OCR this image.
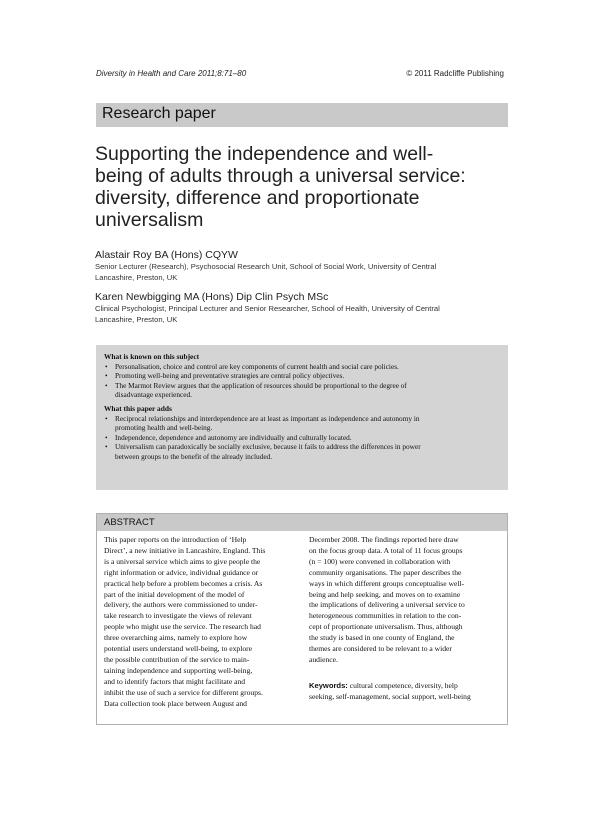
Diversity in Health and Care 2011;8:71–80	© 2011 Radcliffe Publishing
Research paper
Supporting the independence and well-
being of adults through a universal service:
diversity, difference and proportionate
universalism
Alastair Roy BA (Hons) CQYW
Senior Lecturer (Research), Psychosocial Research Unit, School of Social Work, University of Central
Lancashire, Preston, UK
Karen Newbigging MA (Hons) Dip Clin Psych MSc
Clinical Psychologist, Principal Lecturer and Senior Researcher, School of Health, University of Central
Lancashire, Preston, UK
What is known on this subject
• Personalisation, choice and control are key components of current health and social care policies.
• Promoting well-being and preventative strategies are central policy objectives.
• The Marmot Review argues that the application of resources should be proportional to the degree of
disadvantage experienced.
What this paper adds
• Reciprocal relationships and interdependence are at least as important as independence and autonomy in
promoting health and well-being.
• Independence, dependence and autonomy are individually and culturally located.
• Universalism can paradoxically be socially exclusive, because it fails to address the differences in power
between groups to the benefit of the already included.
ABSTRACT
This paper reports on the introduction of ‘Help
Direct’, a new initiative in Lancashire, England. This
is a universal service which aims to give people the
right information or advice, individual guidance or
practical help before a problem becomes a crisis. As
part of the initial development of the model of
delivery, the authors were commissioned to under-
take research to investigate the views of relevant
people who might use the service. The research had
three overarching aims, namely to explore how
potential users understand well-being, to explore
the possible contribution of the service to main-
taining independence and supporting well-being,
and to identify factors that might facilitate and
inhibit the use of such a service for different groups.
Data collection took place between August and
December 2008. The findings reported here draw
on the focus group data. A total of 11 focus groups
(n = 100) were convened in collaboration with
community organisations. The paper describes the
ways in which different groups conceptualise well-
being and help seeking, and moves on to examine
the implications of delivering a universal service to
heterogeneous communities in relation to the con-
cept of proportionate universalism. Thus, although
the study is based in one county of England, the
themes are considered to be relevant to a wider
audience.
Keywords: cultural competence, diversity, help
seeking, self-management, social support, well-being
